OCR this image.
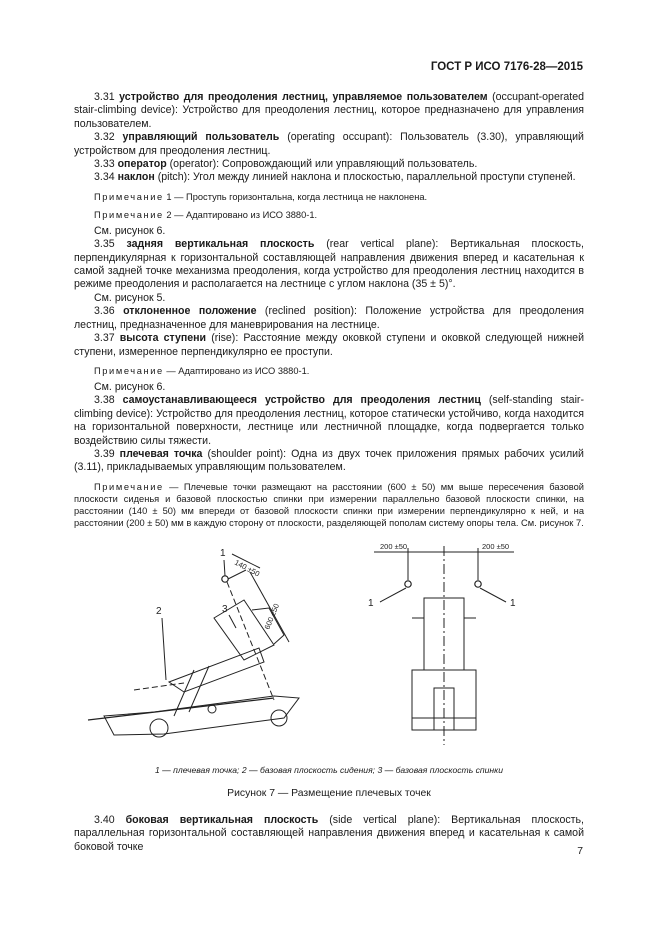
ГОСТ Р ИСО 7176-28—2015

3.31 устройство для преодоления лестниц, управляемое пользователем (occupant-operated stair-climbing device): Устройство для преодоления лестниц, которое предназначено для управления пользователем.

3.32 управляющий пользователь (operating occupant): Пользователь (3.30), управляющий устройством для преодоления лестниц.

3.33 оператор (operator): Сопровождающий или управляющий пользователь.

3.34 наклон (pitch): Угол между линией наклона и плоскостью, параллельной проступи ступеней.

Примечание 1 — Проступь горизонтальна, когда лестница не наклонена.

Примечание 2 — Адаптировано из ИСО 3880-1.

См. рисунок 6.

3.35 задняя вертикальная плоскость (rear vertical plane): Вертикальная плоскость, перпендикулярная к горизонтальной составляющей направления движения вперед и касательная к самой задней точке механизма преодоления, когда устройство для преодоления лестниц находится в режиме преодоления и располагается на лестнице с углом наклона (35 ± 5)°.

См. рисунок 5.

3.36 отклоненное положение (reclined position): Положение устройства для преодоления лестниц, предназначенное для маневрирования на лестнице.

3.37 высота ступени (rise): Расстояние между оковкой ступени и оковкой следующей нижней ступени, измеренное перпендикулярно ее проступи.

Примечание — Адаптировано из ИСО 3880-1.

См. рисунок 6.

3.38 самоустанавливающееся устройство для преодоления лестниц (self-standing stair-climbing device): Устройство для преодоления лестниц, которое статически устойчиво, когда находится на горизонтальной поверхности, лестнице или лестничной площадке, когда подвергается только воздействию силы тяжести.

3.39 плечевая точка (shoulder point): Одна из двух точек приложения прямых рабочих усилий (3.11), прикладываемых управляющим пользователем.

Примечание — Плечевые точки размещают на расстоянии (600 ± 50) мм выше пересечения базовой плоскости сиденья и базовой плоскостью спинки при измерении параллельно базовой плоскости спинки, на расстоянии (140 ± 50) мм впереди от базовой плоскости спинки при измерении перпендикулярно к ней, и на расстоянии (200 ± 50) мм в каждую сторону от плоскости, разделяющей пополам систему опоры тела. См. рисунок 7.

1
2	3
1	1
140 ±50
600 ±50
200 ±50	200 ±50
1 — плечевая точка; 2 — базовая плоскость сидения; 3 — базовая плоскость спинки
Рисунок 7 — Размещение плечевых точек

3.40 боковая вертикальная плоскость (side vertical plane): Вертикальная плоскость, параллельная горизонтальной составляющей направления движения вперед и касательная к самой боковой точке	7
